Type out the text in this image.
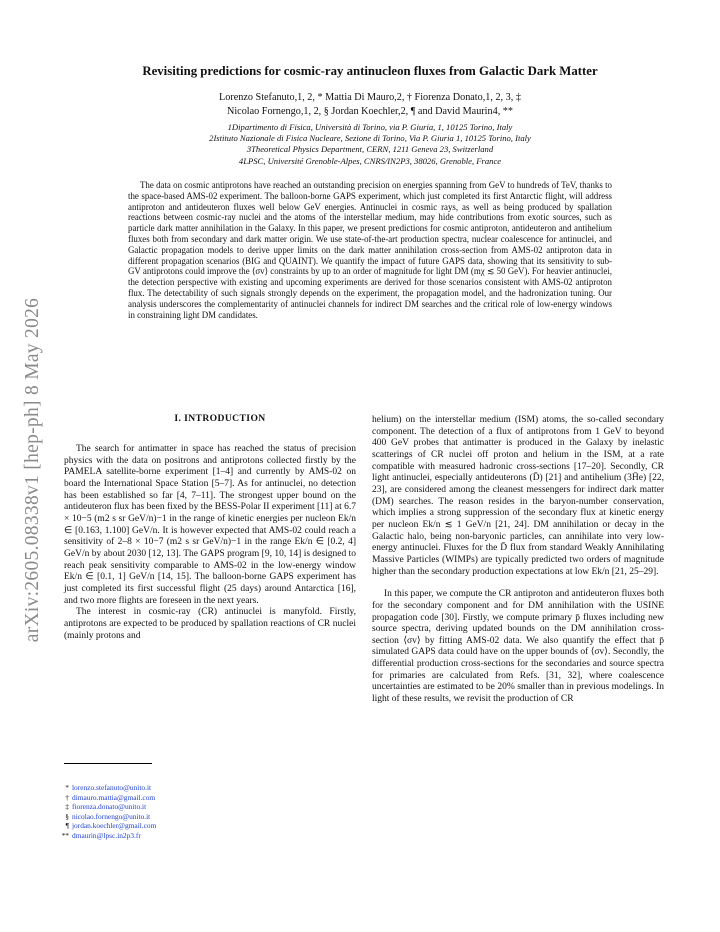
arXiv:2605.08338v1 [hep-ph] 8 May 2026
Revisiting predictions for cosmic-ray antinucleon fluxes from Galactic Dark Matter
Lorenzo Stefanuto,1, 2, * Mattia Di Mauro,2, † Fiorenza Donato,1, 2, 3, ‡
Nicolao Fornengo,1, 2, § Jordan Koechler,2, ¶ and David Maurin4, **
1Dipartimento di Fisica, Università di Torino, via P. Giuria, 1, 10125 Torino, Italy
2Istituto Nazionale di Fisica Nucleare, Sezione di Torino, Via P. Giuria 1, 10125 Torino, Italy
3Theoretical Physics Department, CERN, 1211 Geneva 23, Switzerland
4LPSC, Université Grenoble-Alpes, CNRS/IN2P3, 38026, Grenoble, France

The data on cosmic antiprotons have reached an outstanding precision on energies spanning from GeV to hundreds of TeV, thanks to the space-based AMS-02 experiment. The balloon-borne GAPS experiment, which just completed its first Antarctic flight, will address antiproton and antideuteron fluxes well below GeV energies. Antinuclei in cosmic rays, as well as being produced by spallation reactions between cosmic-ray nuclei and the atoms of the interstellar medium, may hide contributions from exotic sources, such as particle dark matter annihilation in the Galaxy. In this paper, we present predictions for cosmic antiproton, antideuteron and antihelium fluxes both from secondary and dark matter origin. We use state-of-the-art production spectra, nuclear coalescence for antinuclei, and Galactic propagation models to derive upper limits on the dark matter annihilation cross-section from AMS-02 antiproton data in different propagation scenarios (BIG and QUAINT). We quantify the impact of future GAPS data, showing that its sensitivity to sub-GV antiprotons could improve the ⟨σv⟩ constraints by up to an order of magnitude for light DM (mχ ≲ 50 GeV). For heavier antinuclei, the detection perspective with existing and upcoming experiments are derived for those scenarios consistent with AMS-02 antiproton flux. The detectability of such signals strongly depends on the experiment, the propagation model, and the hadronization tuning. Our analysis underscores the complementarity of antinuclei channels for indirect DM searches and the critical role of low-energy windows in constraining light DM candidates.

I. INTRODUCTION

The search for antimatter in space has reached the status of precision physics with the data on positrons and antiprotons collected firstly by the PAMELA satellite-borne experiment [1–4] and currently by AMS-02 on board the International Space Station [5–7]. As for antinuclei, no detection has been established so far [4, 7–11]. The strongest upper bound on the antideuteron flux has been fixed by the BESS-Polar II experiment [11] at 6.7 × 10−5 (m2 s sr GeV/n)−1 in the range of kinetic energies per nucleon Ek/n ∈ [0.163, 1.100] GeV/n. It is however expected that AMS-02 could reach a sensitivity of 2–8 × 10−7 (m2 s sr GeV/n)−1 in the range Ek/n ∈ [0.2, 4] GeV/n by about 2030 [12, 13]. The GAPS program [9, 10, 14] is designed to reach peak sensitivity comparable to AMS-02 in the low-energy window Ek/n ∈ [0.1, 1] GeV/n [14, 15]. The balloon-borne GAPS experiment has just completed its first successful flight (25 days) around Antarctica [16], and two more flights are foreseen in the next years.

The interest in cosmic-ray (CR) antinuclei is manyfold. Firstly, antiprotons are expected to be produced by spallation reactions of CR nuclei (mainly protons and

helium) on the interstellar medium (ISM) atoms, the so-called secondary component. The detection of a flux of antiprotons from 1 GeV to beyond 400 GeV probes that antimatter is produced in the Galaxy by inelastic scatterings of CR nuclei off proton and helium in the ISM, at a rate compatible with measured hadronic cross-sections [17–20]. Secondly, CR light antinuclei, especially antideuterons (D̄) [21] and antihelium (3H̄e) [22, 23], are considered among the cleanest messengers for indirect dark matter (DM) searches. The reason resides in the baryon-number conservation, which implies a strong suppression of the secondary flux at kinetic energy per nucleon Ek/n ≲ 1 GeV/n [21, 24]. DM annihilation or decay in the Galactic halo, being non-baryonic particles, can annihilate into very low-energy antinuclei. Fluxes for the D̄ flux from standard Weakly Annihilating Massive Particles (WIMPs) are typically predicted two orders of magnitude higher than the secondary production expectations at low Ek/n [21, 25–29].

In this paper, we compute the CR antiproton and antideuteron fluxes both for the secondary component and for DM annihilation with the USINE propagation code [30]. Firstly, we compute primary p̄ fluxes including new source spectra, deriving updated bounds on the DM annihilation cross-section ⟨σv⟩ by fitting AMS-02 data. We also quantify the effect that p̄ simulated GAPS data could have on the upper bounds of ⟨σv⟩. Secondly, the differential production cross-sections for the secondaries and source spectra for primaries are calculated from Refs. [31, 32], where coalescence uncertainties are estimated to be 20% smaller than in previous modelings. In light of these results, we revisit the production of CR

* lorenzo.stefanuto@unito.it
† dimauro.mattia@gmail.com
‡ fiorenza.donato@unito.it
§ nicolao.fornengo@unito.it
¶ jordan.koechler@gmail.com
** dmaurin@lpsc.in2p3.fr
